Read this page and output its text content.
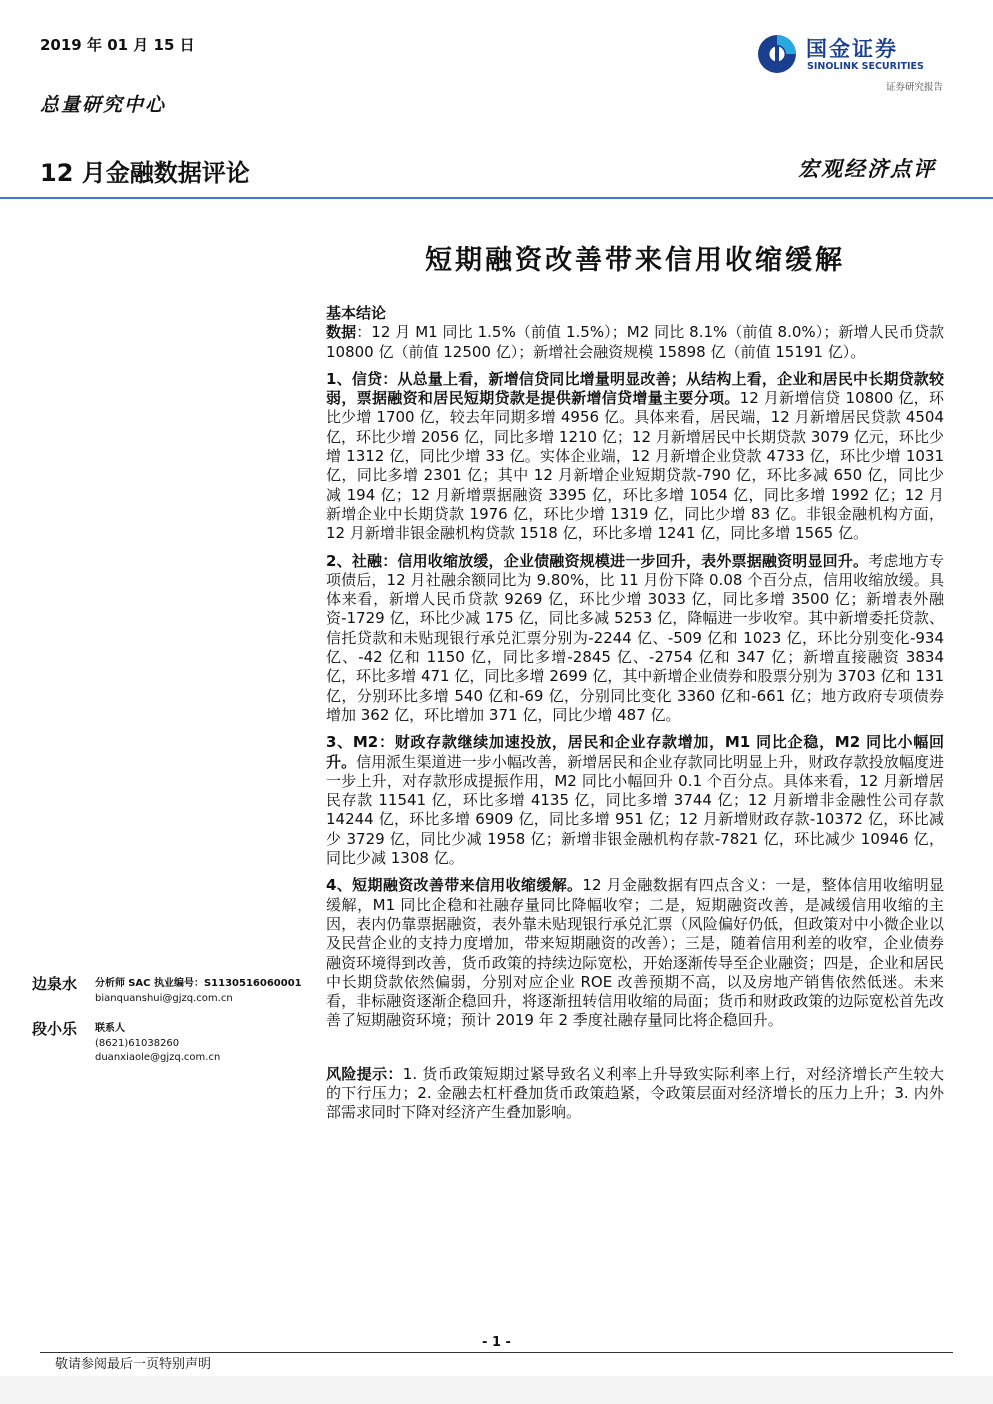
2019 年 01 月 15 日
总量研究中心
12 月金融数据评论	宏观经济点评
国金证券
SINOLINK SECURITIES
证券研究报告
短期融资改善带来信用收缩缓解

基本结论
数据：12 月 M1 同比 1.5%（前值 1.5%）；M2 同比 8.1%（前值 8.0%）；新增人民币贷款 10800 亿（前值 12500 亿）；新增社会融资规模 15898 亿（前值 15191 亿）。

1、信贷：从总量上看，新增信贷同比增量明显改善；从结构上看，企业和居民中长期贷款较弱，票据融资和居民短期贷款是提供新增信贷增量主要分项。12 月新增信贷 10800 亿，环比少增 1700 亿，较去年同期多增 4956 亿。具体来看，居民端，12 月新增居民贷款 4504 亿，环比少增 2056 亿，同比多增 1210 亿；12 月新增居民中长期贷款 3079 亿元，环比少增 1312 亿，同比少增 33 亿。实体企业端，12 月新增企业贷款 4733 亿，环比少增 1031 亿，同比多增 2301 亿；其中 12 月新增企业短期贷款-790 亿，环比多减 650 亿，同比少减 194 亿；12 月新增票据融资 3395 亿，环比多增 1054 亿，同比多增 1992 亿；12 月新增企业中长期贷款 1976 亿，环比少增 1319 亿，同比少增 83 亿。非银金融机构方面，12 月新增非银金融机构贷款 1518 亿，环比多增 1241 亿，同比多增 1565 亿。

2、社融：信用收缩放缓，企业债融资规模进一步回升，表外票据融资明显回升。考虑地方专项债后，12 月社融余额同比为 9.80%，比 11 月份下降 0.08 个百分点，信用收缩放缓。具体来看，新增人民币贷款 9269 亿，环比少增 3033 亿，同比多增 3500 亿；新增表外融资-1729 亿，环比少减 175 亿，同比多减 5253 亿，降幅进一步收窄。其中新增委托贷款、信托贷款和未贴现银行承兑汇票分别为-2244 亿、-509 亿和 1023 亿，环比分别变化-934 亿、-42 亿和 1150 亿，同比多增-2845 亿、-2754 亿和 347 亿；新增直接融资 3834 亿，环比多增 471 亿，同比多增 2699 亿，其中新增企业债券和股票分别为 3703 亿和 131 亿，分别环比多增 540 亿和-69 亿，分别同比变化 3360 亿和-661 亿；地方政府专项债券增加 362 亿，环比增加 371 亿，同比少增 487 亿。

3、M2：财政存款继续加速投放，居民和企业存款增加，M1 同比企稳，M2 同比小幅回升。信用派生渠道进一步小幅改善，新增居民和企业存款同比明显上升，财政存款投放幅度进一步上升，对存款形成提振作用，M2 同比小幅回升 0.1 个百分点。具体来看，12 月新增居民存款 11541 亿，环比多增 4135 亿，同比多增 3744 亿；12 月新增非金融性公司存款 14244 亿，环比多增 6909 亿，同比多增 951 亿；12 月新增财政存款-10372 亿，环比减少 3729 亿，同比少减 1958 亿；新增非银金融机构存款-7821 亿，环比减少 10946 亿，同比少减 1308 亿。

4、短期融资改善带来信用收缩缓解。12 月金融数据有四点含义：一是，整体信用收缩明显缓解，M1 同比企稳和社融存量同比降幅收窄；二是，短期融资改善，是减缓信用收缩的主因，表内仍靠票据融资，表外靠未贴现银行承兑汇票（风险偏好仍低，但政策对中小微企业以及民营企业的支持力度增加，带来短期融资的改善）；三是，随着信用利差的收窄，企业债券融资环境得到改善，货币政策的持续边际宽松，开始逐渐传导至企业融资；四是，企业和居民中长期贷款依然偏弱，分别对应企业 ROE 改善预期不高，以及房地产销售依然低迷。未来看，非标融资逐渐企稳回升，将逐渐扭转信用收缩的局面；货币和财政政策的边际宽松首先改善了短期融资环境；预计 2019 年 2 季度社融存量同比将企稳回升。

风险提示：1. 货币政策短期过紧导致名义利率上升导致实际利率上行，对经济增长产生较大的下行压力；2. 金融去杠杆叠加货币政策趋紧，令政策层面对经济增长的压力上升；3. 内外部需求同时下降对经济产生叠加影响。

边泉水 分析师 SAC 执业编号：S1130516060001
bianquanshui@gjzq.com.cn
段小乐 联系人
(8621)61038260
duanxiaole@gjzq.com.cn
- 1 -
敬请参阅最后一页特别声明
